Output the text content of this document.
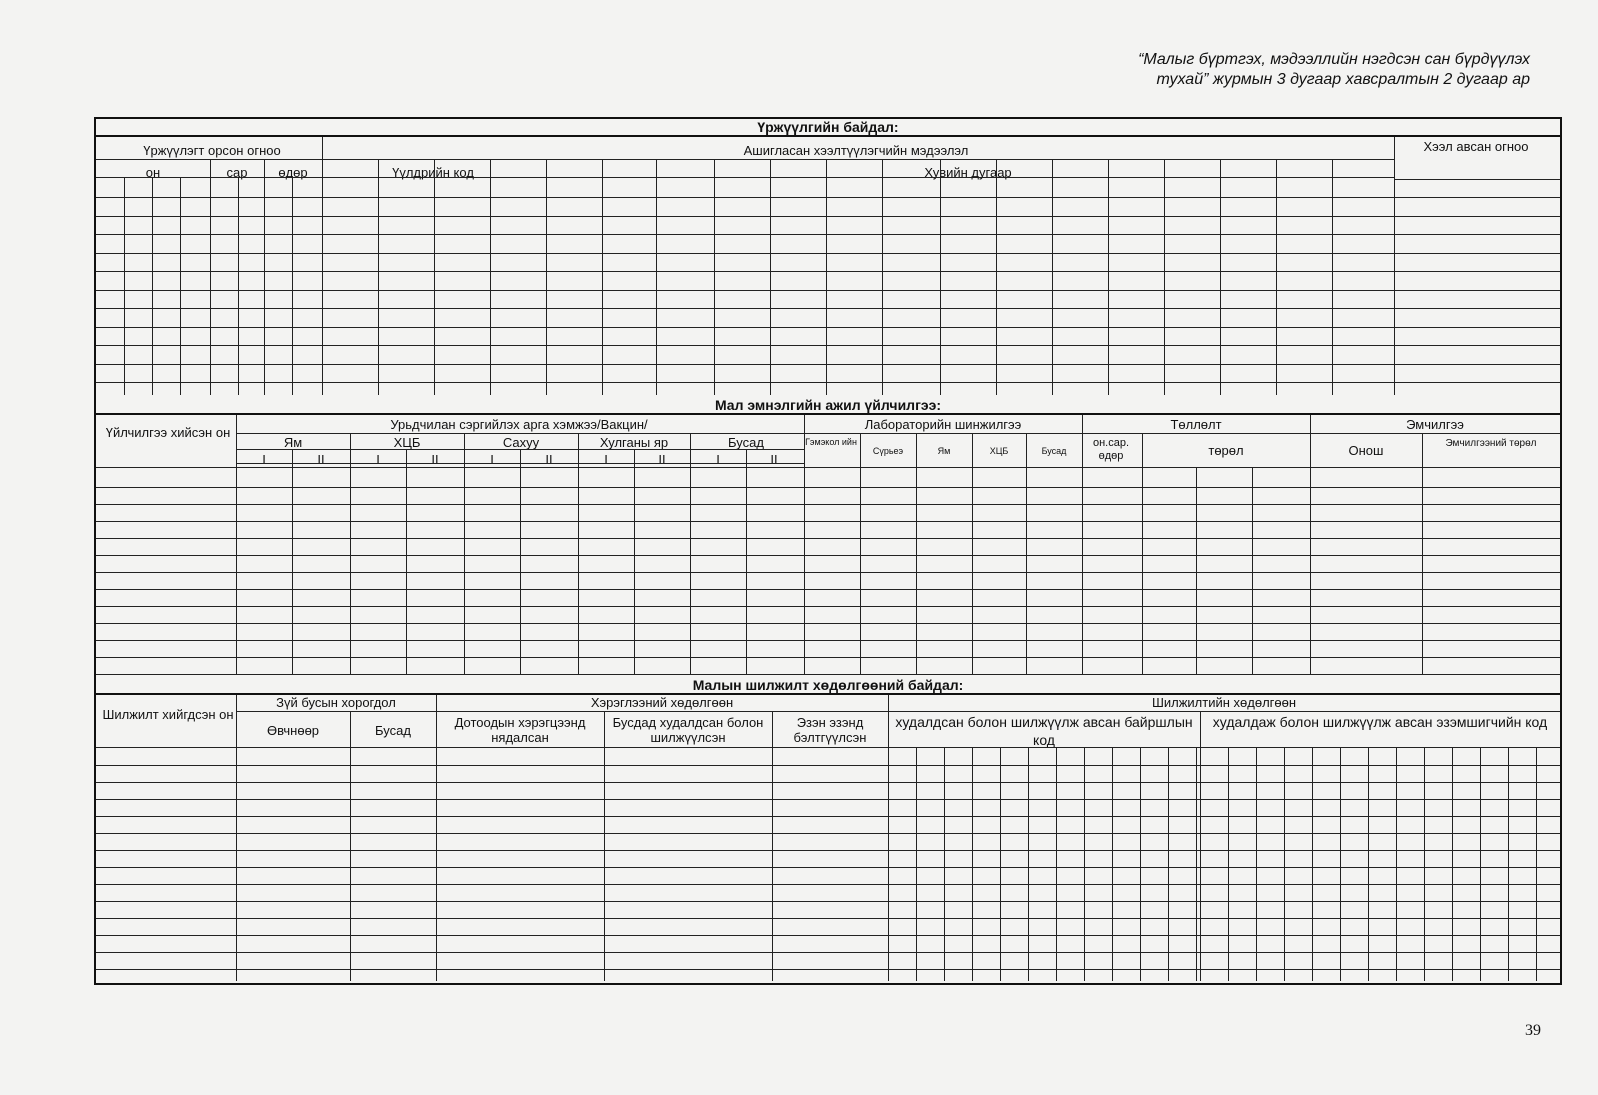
“Малыг бүртгэх, мэдээллийн нэгдсэн сан бүрдүүлэх
тухай” журмын 3 дугаар хавсралтын 2 дугаар ар
Үржүүлгийн байдал:
Үржүүлэгт орсон огноо
он	сар	өдөр
Ашигласан хээлтүүлэгчийн мэдээлэл
Үүлдрийн код	Хувийн дугаар
Хээл авсан огноо
Мал эмнэлгийн ажил үйлчилгээ:
Үйлчилгээ хийсэн он
Урьдчилан сэргийлэх арга хэмжээ/Вакцин/
Ям	ХЦБ	Сахуу	Хулганы яр	Бусад
I	II	I	II	I	II	I	II	I	II
Лабораторийн шинжилгээ
Гэмэкол ийн
Сүрьеэ	Ям	ХЦБ	Бусад
Төллөлт
он.сар. өдөр	төрөл
Эмчилгээ
Онош	Эмчилгээний төрөл
Малын шилжилт хөдөлгөөний байдал:
Шилжилт хийгдсэн он
Зүй бусын хорогдол
Өвчнөөр	Бусад
Хэрэглээний хөдөлгөөн
Дотоодын хэрэгцээнд нядалсан
Бусдад худалдсан болон шилжүүлсэн
Эзэн эзэнд бэлтгүүлсэн
Шилжилтийн хөдөлгөөн
худалдсан болон шилжүүлж авсан байршлын код
худалдаж болон шилжүүлж авсан эзэмшигчийн код
39
